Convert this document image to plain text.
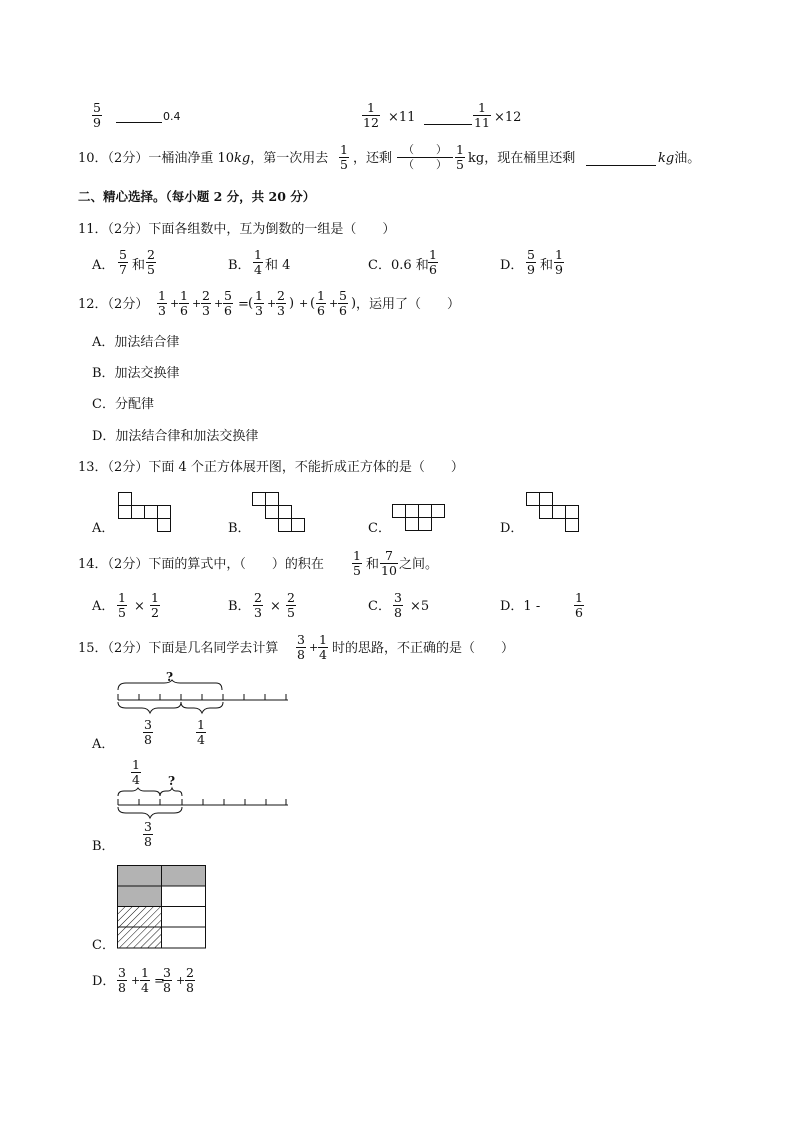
$\frac{5}{9}$	0.4	$\frac{1}{12} \times 11$	$\frac{1}{11} \times 12$
10．（2分）一桶油净重 10kg，第一次用去 $\frac{1}{5}$ ，还剩
（　　）
（　　） $\frac{1}{5}$ kg，现在桶里还剩	kg油。
二、精心选择。（每小题 2 分，共 20 分）
11．（2分）下面各组数中，互为倒数的一组是（　　）
A． $\frac{5}{7}$ 和 $\frac{2}{5}$	B． $\frac{1}{4}$ 和 4	C．0.6 和 $\frac{1}{6}$	D． $\frac{5}{9}$ 和 $\frac{1}{9}$
12．（2分） $\frac{1}{3} + \frac{1}{6} + \frac{2}{3} + \frac{5}{6}$ = ( $\frac{1}{3} + \frac{2}{3}$ ) + ( $\frac{1}{6} + \frac{5}{6}$ ) ，运用了（　　）
A．加法结合律
B．加法交换律
C．分配律
D．加法结合律和加法交换律
13．（2分）下面 4 个正方体展开图，不能折成正方体的是（　　）
A．	B．	C．	D．
14．（2分）下面的算式中，（　　）的积在 $\frac{1}{5}$ 和 $\frac{7}{10}$ 之间。
A． $\frac{1}{5} \times \frac{1}{2}$	B． $\frac{2}{3} \times \frac{2}{5}$	C． $\frac{3}{8} \times 5$	D．1 -	$\frac{1}{6}$
15．（2分）下面是几名同学去计算 $\frac{3}{8} + \frac{1}{4}$ 时的思路，不正确的是（　　）
A．
?
$\frac{3}{8}$	$\frac{1}{4}$
B．
$\frac{1}{4}$ ?
$\frac{3}{8}$
C．
D． $\frac{3}{8} + \frac{1}{4}$ =
$\frac{3}{8} + \frac{2}{8}$
